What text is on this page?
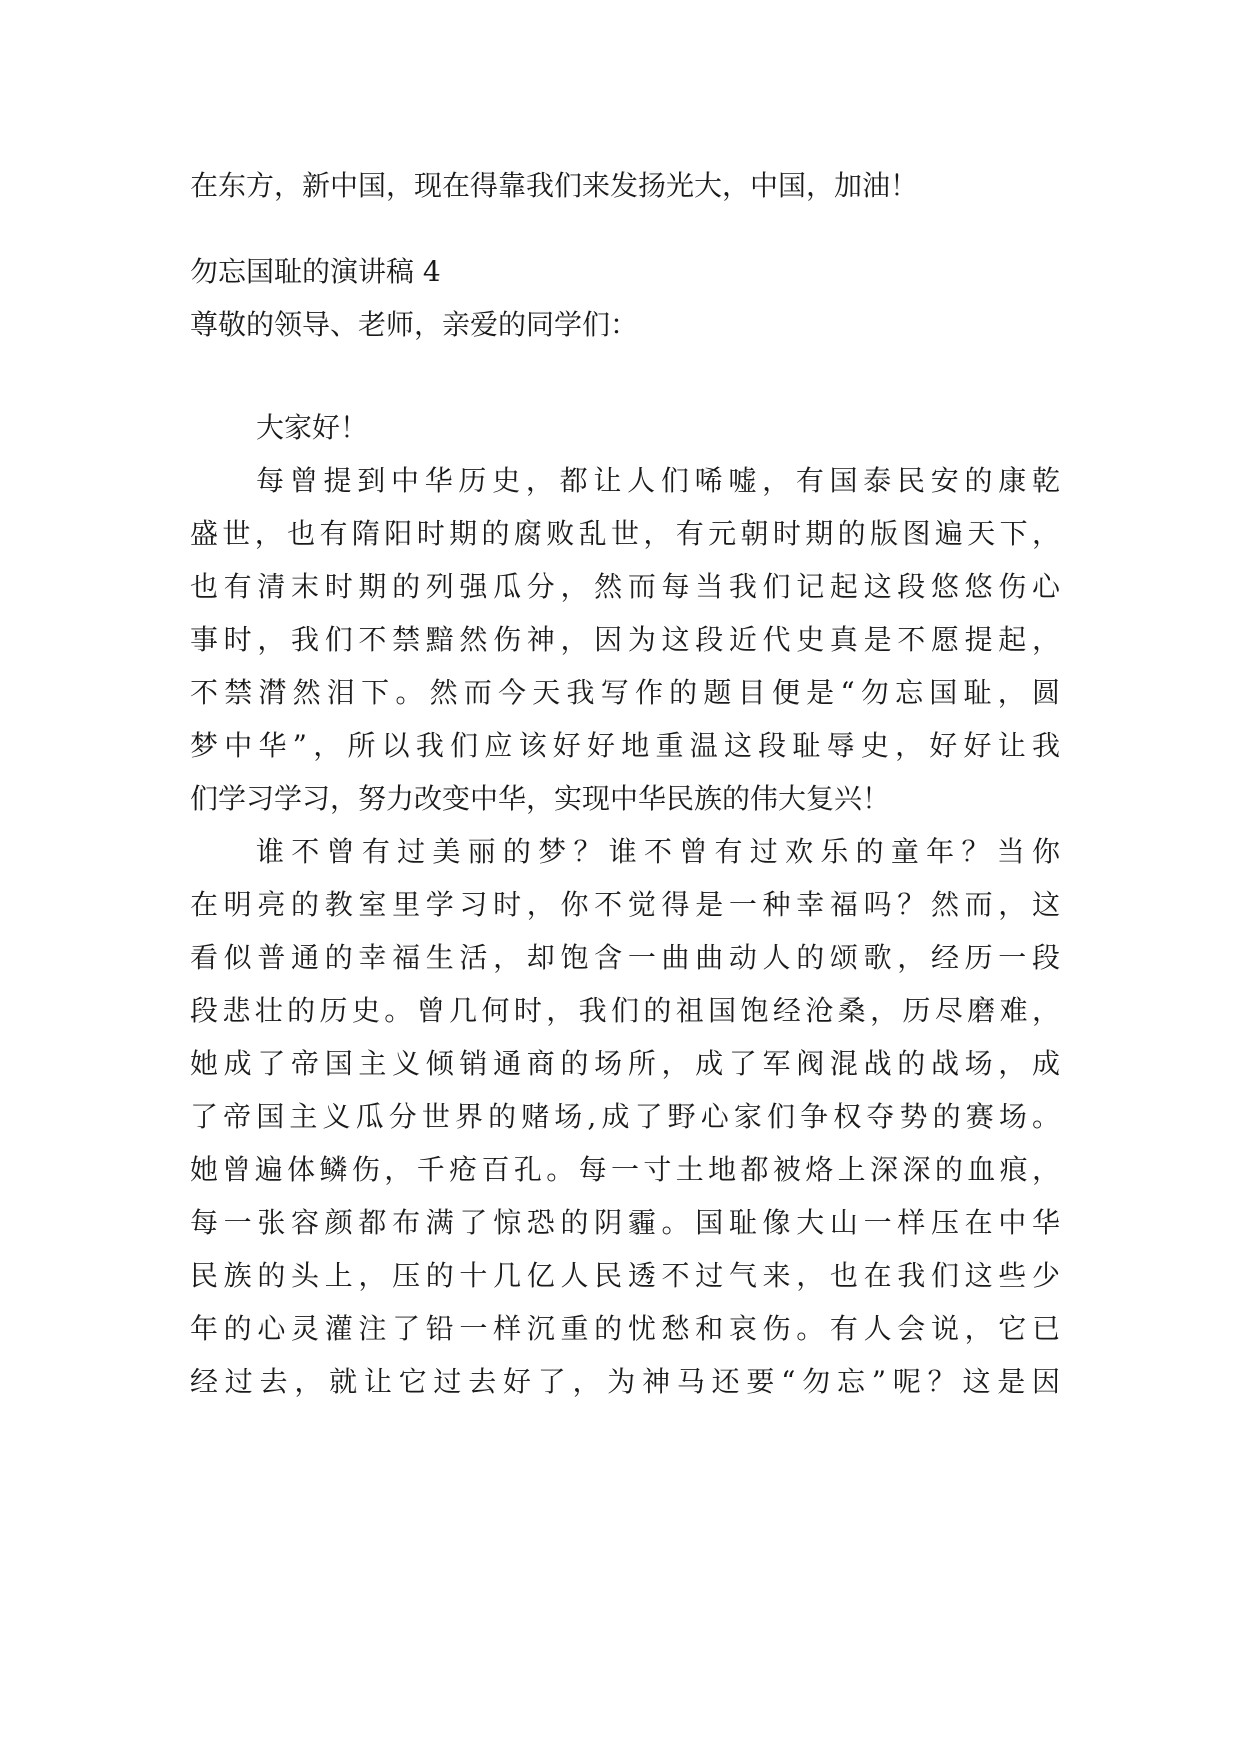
在东方，新中国，现在得靠我们来发扬光大，中国，加油！
勿忘国耻的演讲稿 4
尊敬的领导、老师，亲爱的同学们：
大家好！
每曾提到中华历史，都让人们唏嘘，有国泰民安的康乾
盛世，也有隋阳时期的腐败乱世，有元朝时期的版图遍天下，
也有清末时期的列强瓜分，然而每当我们记起这段悠悠伤心
事时，我们不禁黯然伤神，因为这段近代史真是不愿提起，
不禁潸然泪下。然而今天我写作的题目便是“勿忘国耻，圆
梦中华”，所以我们应该好好地重温这段耻辱史，好好让我
们学习学习，努力改变中华，实现中华民族的伟大复兴！
谁不曾有过美丽的梦？谁不曾有过欢乐的童年？当你
在明亮的教室里学习时，你不觉得是一种幸福吗？然而，这
看似普通的幸福生活，却饱含一曲曲动人的颂歌，经历一段
段悲壮的历史。曾几何时，我们的祖国饱经沧桑，历尽磨难，
她成了帝国主义倾销通商的场所，成了军阀混战的战场，成
了帝国主义瓜分世界的赌场,成了野心家们争权夺势的赛场。
她曾遍体鳞伤，千疮百孔。每一寸土地都被烙上深深的血痕，
每一张容颜都布满了惊恐的阴霾。国耻像大山一样压在中华
民族的头上，压的十几亿人民透不过气来，也在我们这些少
年的心灵灌注了铅一样沉重的忧愁和哀伤。有人会说，它已
经过去，就让它过去好了，为神马还要“勿忘”呢？这是因
